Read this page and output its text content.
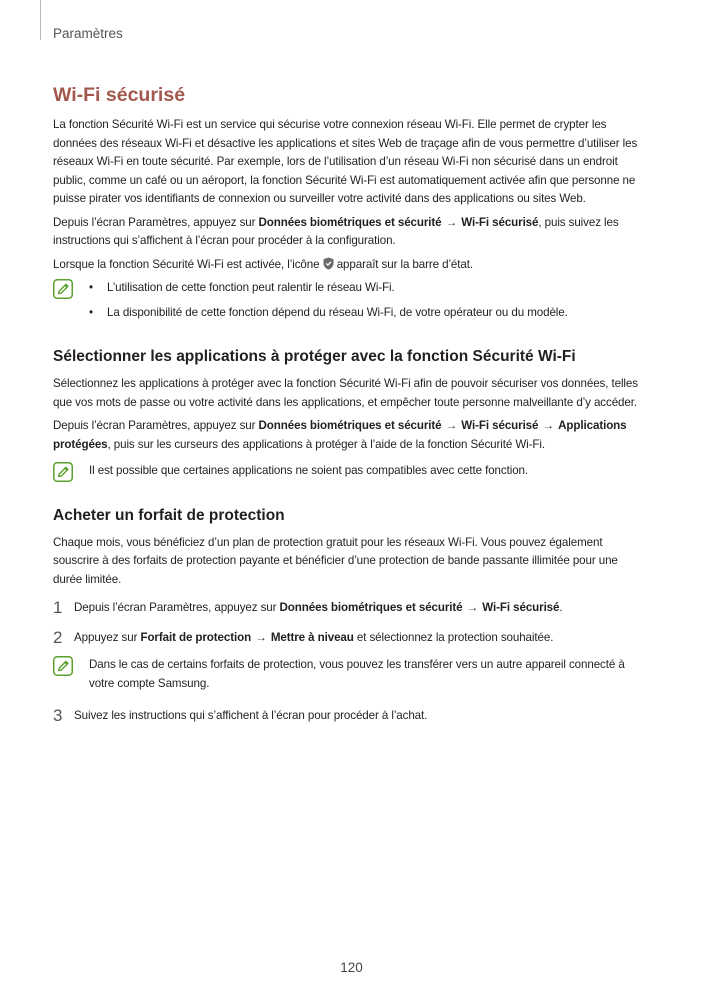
Paramètres
Wi-Fi sécurisé

La fonction Sécurité Wi-Fi est un service qui sécurise votre connexion réseau Wi-Fi. Elle permet de crypter les données des réseaux Wi-Fi et désactive les applications et sites Web de traçage afin de vous permettre d’utiliser les réseaux Wi-Fi en toute sécurité. Par exemple, lors de l’utilisation d’un réseau Wi-Fi non sécurisé dans un endroit public, comme un café ou un aéroport, la fonction Sécurité Wi-Fi est automatiquement activée afin que personne ne puisse pirater vos identifiants de connexion ou surveiller votre activité dans des applications ou sites Web.

Depuis l’écran Paramètres, appuyez sur Données biométriques et sécurité → Wi-Fi sécurisé, puis suivez les instructions qui s’affichent à l’écran pour procéder à la configuration.

Lorsque la fonction Sécurité Wi-Fi est activée, l’icône apparaît sur la barre d’état.

•	L’utilisation de cette fonction peut ralentir le réseau Wi-Fi.

•	La disponibilité de cette fonction dépend du réseau Wi-Fi, de votre opérateur ou du modèle.

Sélectionner les applications à protéger avec la fonction Sécurité Wi-Fi

Sélectionnez les applications à protéger avec la fonction Sécurité Wi-Fi afin de pouvoir sécuriser vos données, telles que vos mots de passe ou votre activité dans les applications, et empêcher toute personne malveillante d’y accéder.

Depuis l’écran Paramètres, appuyez sur Données biométriques et sécurité → Wi-Fi sécurisé → Applications protégées, puis sur les curseurs des applications à protéger à l’aide de la fonction Sécurité Wi-Fi.

Il est possible que certaines applications ne soient pas compatibles avec cette fonction.

Acheter un forfait de protection

Chaque mois, vous bénéficiez d’un plan de protection gratuit pour les réseaux Wi-Fi. Vous pouvez également souscrire à des forfaits de protection payante et bénéficier d’une protection de bande passante illimitée pour une durée limitée.

1 Depuis l’écran Paramètres, appuyez sur Données biométriques et sécurité → Wi-Fi sécurisé.

2 Appuyez sur Forfait de protection → Mettre à niveau et sélectionnez la protection souhaitée.

Dans le cas de certains forfaits de protection, vous pouvez les transférer vers un autre appareil connecté à votre compte Samsung.

3 Suivez les instructions qui s’affichent à l’écran pour procéder à l’achat.

120
